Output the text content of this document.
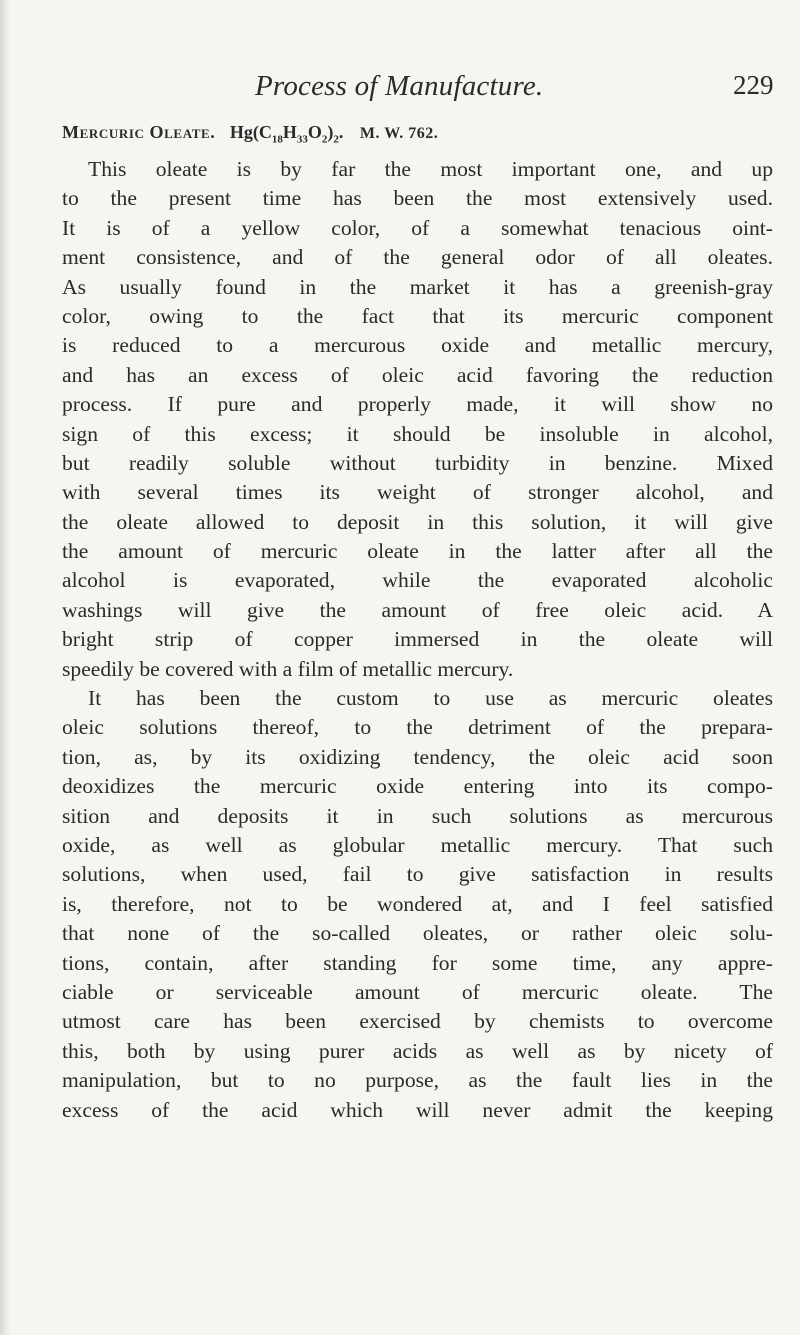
Process of Manufacture.	229
Mercuric Oleate. $Hg(C_{18}H_{33}O_2)_2$. M. W. 762.
This oleate is by far the most important one, and up
to the present time has been the most extensively used.
It is of a yellow color, of a somewhat tenacious oint-
ment consistence, and of the general odor of all oleates.
As usually found in the market it has a greenish-gray
color, owing to the fact that its mercuric component
is reduced to a mercurous oxide and metallic mercury,
and has an excess of oleic acid favoring the reduction
process. If pure and properly made, it will show no
sign of this excess; it should be insoluble in alcohol,
but readily soluble without turbidity in benzine. Mixed
with several times its weight of stronger alcohol, and
the oleate allowed to deposit in this solution, it will give
the amount of mercuric oleate in the latter after all the
alcohol is evaporated, while the evaporated alcoholic
washings will give the amount of free oleic acid. A
bright strip of copper immersed in the oleate will
speedily be covered with a film of metallic mercury.
It has been the custom to use as mercuric oleates
oleic solutions thereof, to the detriment of the prepara-
tion, as, by its oxidizing tendency, the oleic acid soon
deoxidizes the mercuric oxide entering into its compo-
sition and deposits it in such solutions as mercurous
oxide, as well as globular metallic mercury. That such
solutions, when used, fail to give satisfaction in results
is, therefore, not to be wondered at, and I feel satisfied
that none of the so-called oleates, or rather oleic solu-
tions, contain, after standing for some time, any appre-
ciable or serviceable amount of mercuric oleate. The
utmost care has been exercised by chemists to overcome
this, both by using purer acids as well as by nicety of
manipulation, but to no purpose, as the fault lies in the
excess of the acid which will never admit the keeping
